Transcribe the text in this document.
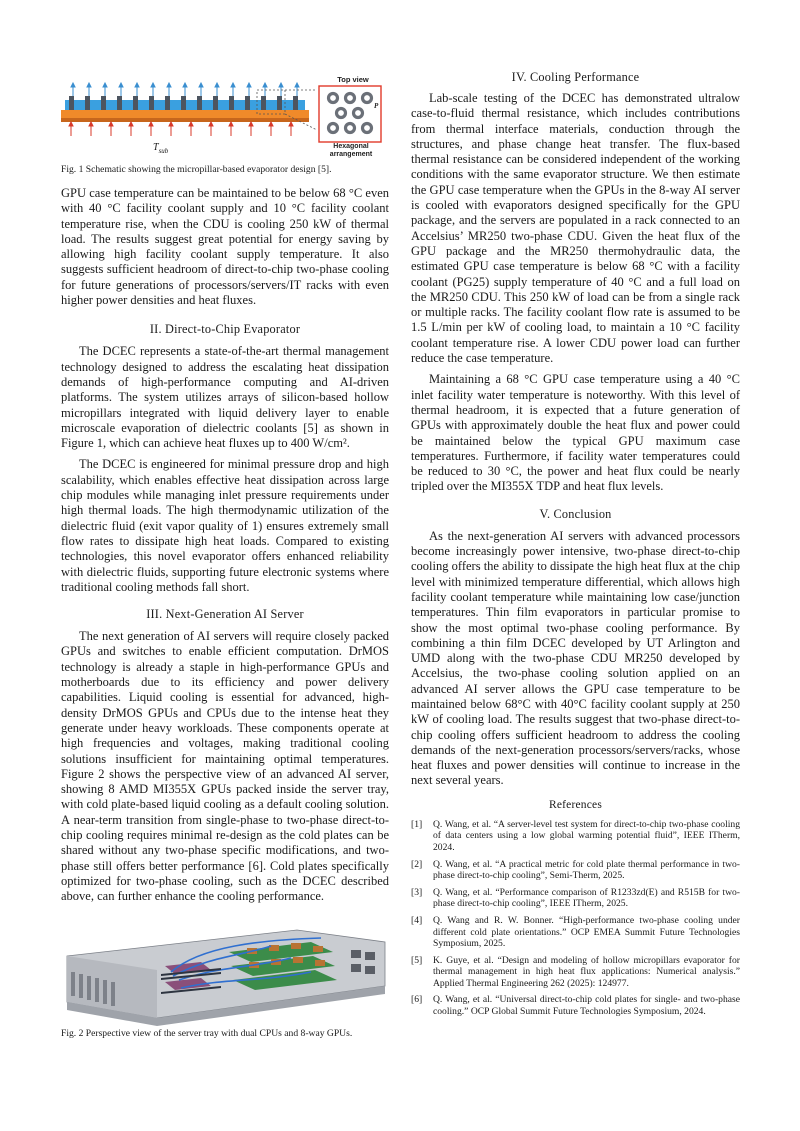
$T_{sub}$
Top view
P
Hexagonal arrangement

Fig. 1 Schematic showing the micropillar-based evaporator design [5].

GPU case temperature can be maintained to be below 68 °C even with 40 °C facility coolant supply and 10 °C facility coolant temperature rise, when the CDU is cooling 250 kW of thermal load. The results suggest great potential for energy saving by allowing high facility coolant supply temperature. It also suggests sufficient headroom of direct-to-chip two-phase cooling for future generations of processors/servers/IT racks with even higher power densities and heat fluxes.

II. Direct-to-Chip Evaporator

The DCEC represents a state-of-the-art thermal management technology designed to address the escalating heat dissipation demands of high-performance computing and AI-driven platforms. The system utilizes arrays of silicon-based hollow micropillars integrated with liquid delivery layer to enable microscale evaporation of dielectric coolants [5] as shown in Figure 1, which can achieve heat fluxes up to 400 W/cm².

The DCEC is engineered for minimal pressure drop and high scalability, which enables effective heat dissipation across large chip modules while managing inlet pressure requirements under high thermal loads. The high thermodynamic utilization of the dielectric fluid (exit vapor quality of 1) ensures extremely small flow rates to dissipate high heat loads. Compared to existing technologies, this novel evaporator offers enhanced reliability with dielectric fluids, supporting future electronic systems where traditional cooling methods fall short.

III. Next-Generation AI Server

The next generation of AI servers will require closely packed GPUs and switches to enable efficient computation. DrMOS technology is already a staple in high-performance GPUs and motherboards due to its efficiency and power delivery capabilities. Liquid cooling is essential for advanced, high-density DrMOS GPUs and CPUs due to the intense heat they generate under heavy workloads. These components operate at high frequencies and voltages, making traditional cooling solutions insufficient for maintaining optimal temperatures. Figure 2 shows the perspective view of an advanced AI server, showing 8 AMD MI355X GPUs packed inside the server tray, with cold plate-based liquid cooling as a default cooling solution. A near-term transition from single-phase to two-phase direct-to-chip cooling requires minimal re-design as the cold plates can be shared without any two-phase specific modifications, and two-phase still offers better performance [6]. Cold plates specifically optimized for two-phase cooling, such as the DCEC described above, can further enhance the cooling performance.

Fig. 2 Perspective view of the server tray with dual CPUs and 8-way GPUs.

IV. Cooling Performance

Lab-scale testing of the DCEC has demonstrated ultralow case-to-fluid thermal resistance, which includes contributions from thermal interface materials, conduction through the structures, and phase change heat transfer. The flux-based thermal resistance can be considered independent of the working conditions with the same evaporator structure. We then estimate the GPU case temperature when the GPUs in the 8-way AI server is cooled with evaporators designed specifically for the GPU package, and the servers are populated in a rack connected to an Accelsius’ MR250 two-phase CDU. Given the heat flux of the GPU package and the MR250 thermohydraulic data, the estimated GPU case temperature is below 68 °C with a facility coolant (PG25) supply temperature of 40 °C and a full load on the MR250 CDU. This 250 kW of load can be from a single rack or multiple racks. The facility coolant flow rate is assumed to be 1.5 L/min per kW of cooling load, to maintain a 10 °C facility coolant temperature rise. A lower CDU power load can further reduce the case temperature.

Maintaining a 68 °C GPU case temperature using a 40 °C inlet facility water temperature is noteworthy. With this level of thermal headroom, it is expected that a future generation of GPUs with approximately double the heat flux and power could be maintained below the typical GPU maximum case temperatures. Furthermore, if facility water temperatures could be reduced to 30 °C, the power and heat flux could be nearly tripled over the MI355X TDP and heat flux levels.

V. Conclusion

As the next-generation AI servers with advanced processors become increasingly power intensive, two-phase direct-to-chip cooling offers the ability to dissipate the high heat flux at the chip level with minimized temperature differential, which allows high facility coolant temperature while maintaining low case/junction temperatures. Thin film evaporators in particular promise to show the most optimal two-phase cooling performance. By combining a thin film DCEC developed by UT Arlington and UMD along with the two-phase CDU MR250 developed by Accelsius, the two-phase cooling solution applied on an advanced AI server allows the GPU case temperature to be maintained below 68°C with 40°C facility coolant supply at 250 kW of cooling load. The results suggest that two-phase direct-to-chip cooling offers sufficient headroom to address the cooling demands of the next-generation processors/servers/racks, whose heat fluxes and power densities will continue to increase in the next several years.

References
[1]	Q. Wang, et al. “A server-level test system for direct-to-chip two-phase cooling of data centers using a low global warming potential fluid”, IEEE ITherm, 2024.
[2]	Q. Wang, et al. “A practical metric for cold plate thermal performance in two-phase direct-to-chip cooling”, Semi-Therm, 2025.
[3]	Q. Wang, et al. “Performance comparison of R1233zd(E) and R515B for two-phase direct-to-chip cooling”, IEEE ITherm, 2025.
[4]	Q. Wang and R. W. Bonner. “High-performance two-phase cooling under different cold plate orientations.” OCP EMEA Summit Future Technologies Symposium, 2025.
[5]	K. Guye, et al. “Design and modeling of hollow micropillars evaporator for thermal management in high heat flux applications: Numerical analysis.” Applied Thermal Engineering 262 (2025): 124977.
[6]	Q. Wang, et al. “Universal direct-to-chip cold plates for single- and two-phase cooling.” OCP Global Summit Future Technologies Symposium, 2024.
